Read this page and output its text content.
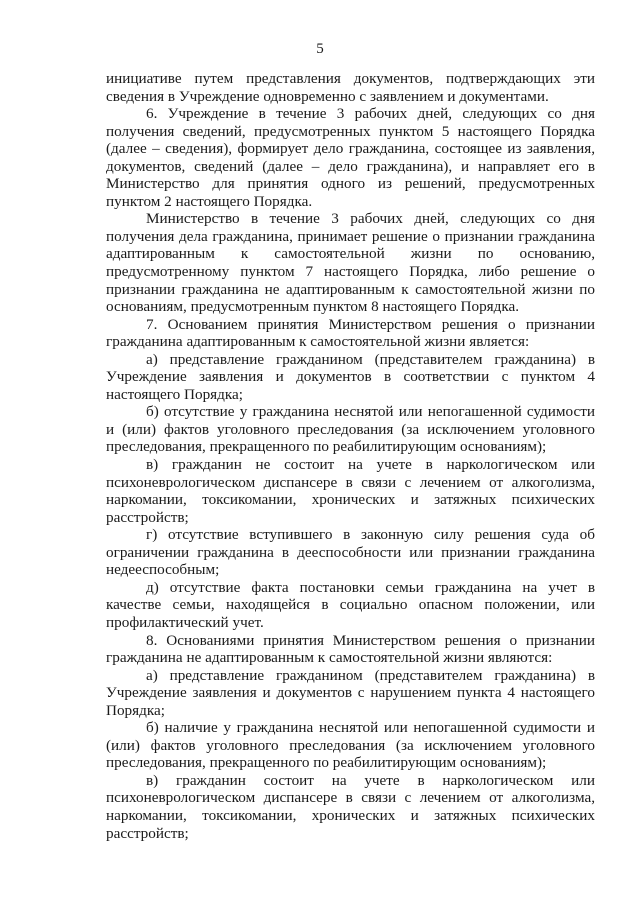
5

инициативе путем представления документов, подтверждающих эти сведения в Учреждение одновременно с заявлением и документами.

6. Учреждение в течение 3 рабочих дней, следующих со дня получения сведений, предусмотренных пунктом 5 настоящего Порядка (далее – сведения), формирует дело гражданина, состоящее из заявления, документов, сведений (далее – дело гражданина), и направляет его в Министерство для принятия одного из решений, предусмотренных пунктом 2 настоящего Порядка.

Министерство в течение 3 рабочих дней, следующих со дня получения дела гражданина, принимает решение о признании гражданина адаптированным к самостоятельной жизни по основанию, предусмотренному пунктом 7 настоящего Порядка, либо решение о признании гражданина не адаптированным к самостоятельной жизни по основаниям, предусмотренным пунктом 8 настоящего Порядка.

7. Основанием принятия Министерством решения о признании гражданина адаптированным к самостоятельной жизни является:

а) представление гражданином (представителем гражданина) в Учреждение заявления и документов в соответствии с пунктом 4 настоящего Порядка;

б) отсутствие у гражданина неснятой или непогашенной судимости и (или) фактов уголовного преследования (за исключением уголовного преследования, прекращенного по реабилитирующим основаниям);

в) гражданин не состоит на учете в наркологическом или психоневрологическом диспансере в связи с лечением от алкоголизма, наркомании, токсикомании, хронических и затяжных психических расстройств;

г) отсутствие вступившего в законную силу решения суда об ограничении гражданина в дееспособности или признании гражданина недееспособным;

д) отсутствие факта постановки семьи гражданина на учет в качестве семьи, находящейся в социально опасном положении, или профилактический учет.

8. Основаниями принятия Министерством решения о признании гражданина не адаптированным к самостоятельной жизни являются:

а) представление гражданином (представителем гражданина) в Учреждение заявления и документов с нарушением пункта 4 настоящего Порядка;

б) наличие у гражданина неснятой или непогашенной судимости и (или) фактов уголовного преследования (за исключением уголовного преследования, прекращенного по реабилитирующим основаниям);

в) гражданин состоит на учете в наркологическом или психоневрологическом диспансере в связи с лечением от алкоголизма, наркомании, токсикомании, хронических и затяжных психических расстройств;
